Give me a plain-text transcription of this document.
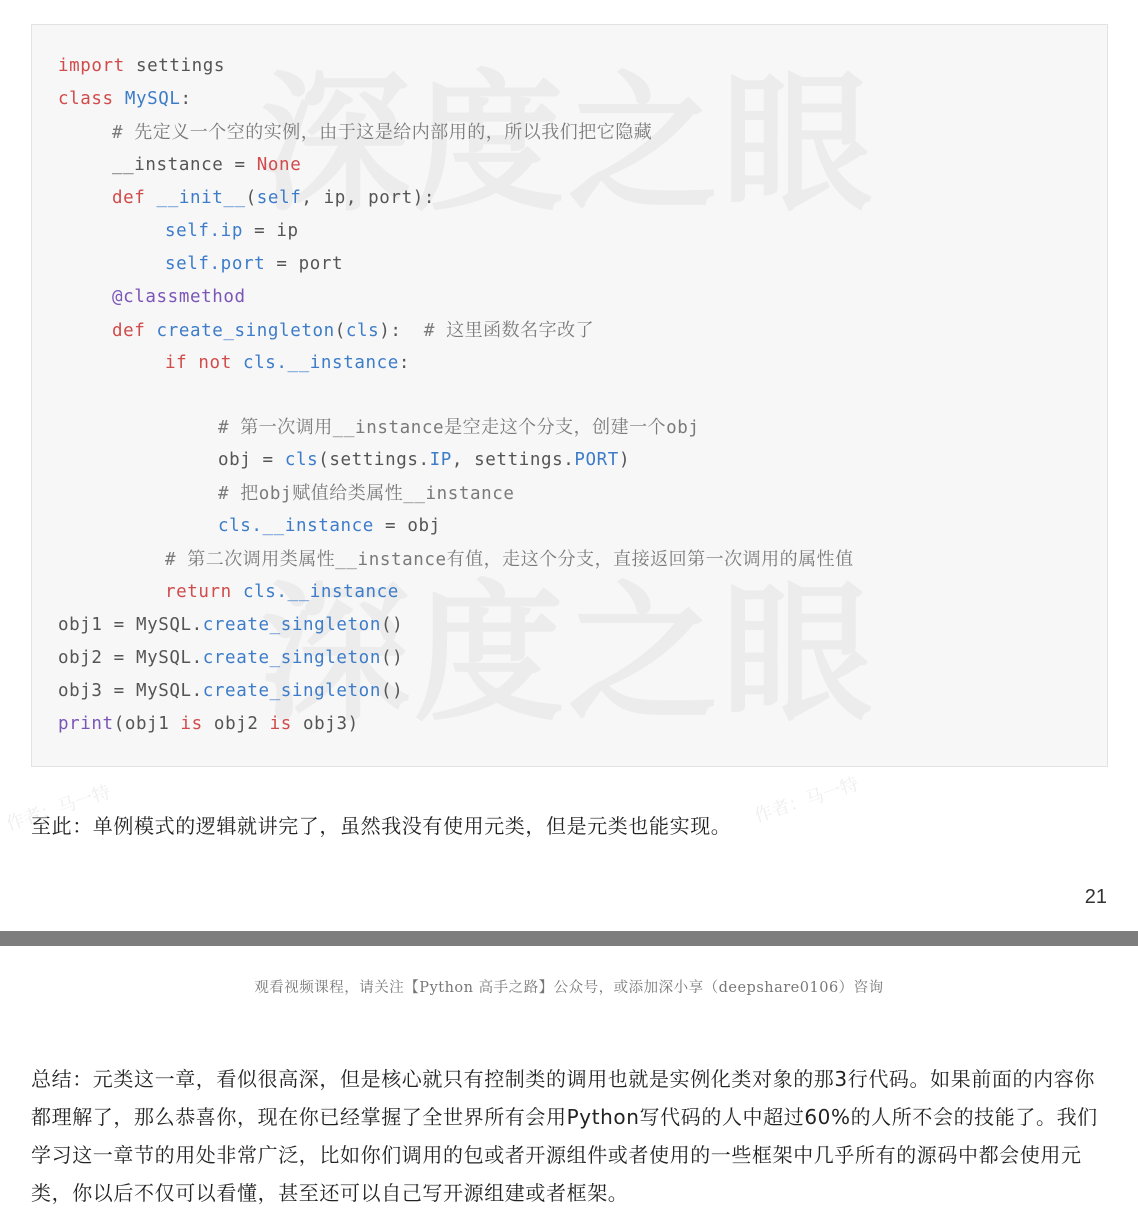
import settings
class MySQL:
# 先定义一个空的实例，由于这是给内部用的，所以我们把它隐藏
__instance = None
def __init__(self, ip, port):
self.ip = ip
self.port = port
@classmethod
def create_singleton(cls):  # 这里函数名字改了
if not cls.__instance:
# 第一次调用__instance是空走这个分支，创建一个obj
obj = cls(settings.IP, settings.PORT)
# 把obj赋值给类属性__instance
cls.__instance = obj
# 第二次调用类属性__instance有值，走这个分支，直接返回第一次调用的属性值
return cls.__instance
obj1 = MySQL.create_singleton()
obj2 = MySQL.create_singleton()
obj3 = MySQL.create_singleton()
print(obj1 is obj2 is obj3)
作者：马一特	作者：马一特
至此：单例模式的逻辑就讲完了，虽然我没有使用元类，但是元类也能实现。
21
观看视频课程，请关注【Python 高手之路】公众号，或添加深小享（deepshare0106）咨询
总结：元类这一章，看似很高深，但是核心就只有控制类的调用也就是实例化类对象的那3行代码。如果前面的内容你都理解了，那么恭喜你，现在你已经掌握了全世界所有会用Python写代码的人中超过60%的人所不会的技能了。我们学习这一章节的用处非常广泛，比如你们调用的包或者开源组件或者使用的一些框架中几乎所有的源码中都会使用元类，你以后不仅可以看懂，甚至还可以自己写开源组建或者框架。
